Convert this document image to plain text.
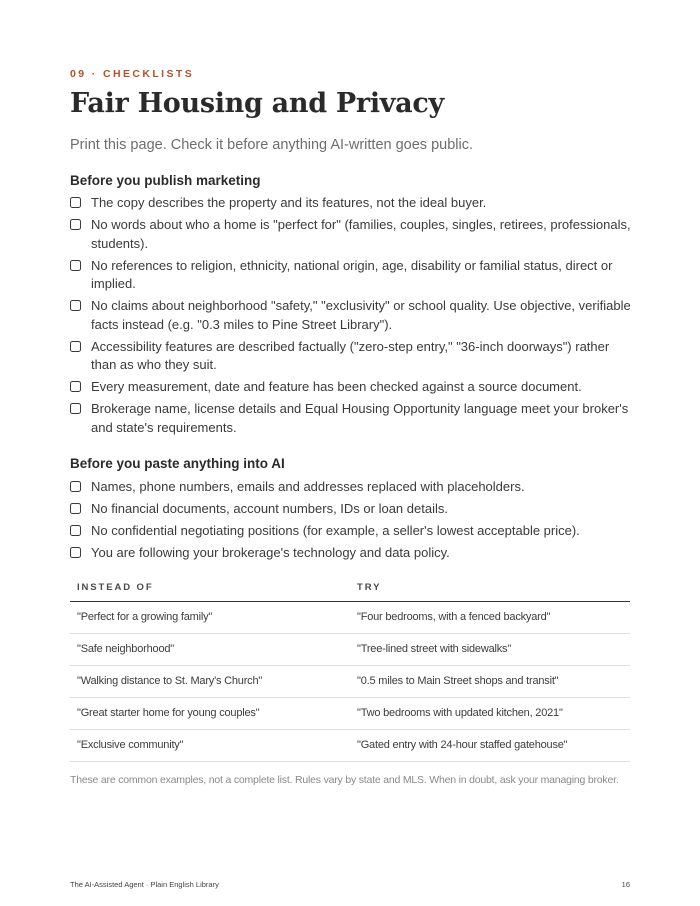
09 · CHECKLISTS
Fair Housing and Privacy

Print this page. Check it before anything AI-written goes public.

Before you publish marketing
The copy describes the property and its features, not the ideal buyer.
No words about who a home is "perfect for" (families, couples, singles, retirees, professionals, students).
No references to religion, ethnicity, national origin, age, disability or familial status, direct or implied.
No claims about neighborhood "safety," "exclusivity" or school quality. Use objective, verifiable facts instead (e.g. "0.3 miles to Pine Street Library").
Accessibility features are described factually ("zero-step entry," "36-inch doorways") rather than as who they suit.
Every measurement, date and feature has been checked against a source document.
Brokerage name, license details and Equal Housing Opportunity language meet your broker's and state's requirements.
Before you paste anything into AI
Names, phone numbers, emails and addresses replaced with placeholders.
No financial documents, account numbers, IDs or loan details.
No confidential negotiating positions (for example, a seller's lowest acceptable price).
You are following your brokerage's technology and data policy.
INSTEAD OF	TRY
"Perfect for a growing family"	"Four bedrooms, with a fenced backyard"
"Safe neighborhood"	"Tree-lined street with sidewalks"
"Walking distance to St. Mary's Church"	"0.5 miles to Main Street shops and transit"
"Great starter home for young couples"	"Two bedrooms with updated kitchen, 2021"
"Exclusive community"	"Gated entry with 24-hour staffed gatehouse"
These are common examples, not a complete list. Rules vary by state and MLS. When in doubt, ask your managing broker.
The AI-Assisted Agent · Plain English Library	16
